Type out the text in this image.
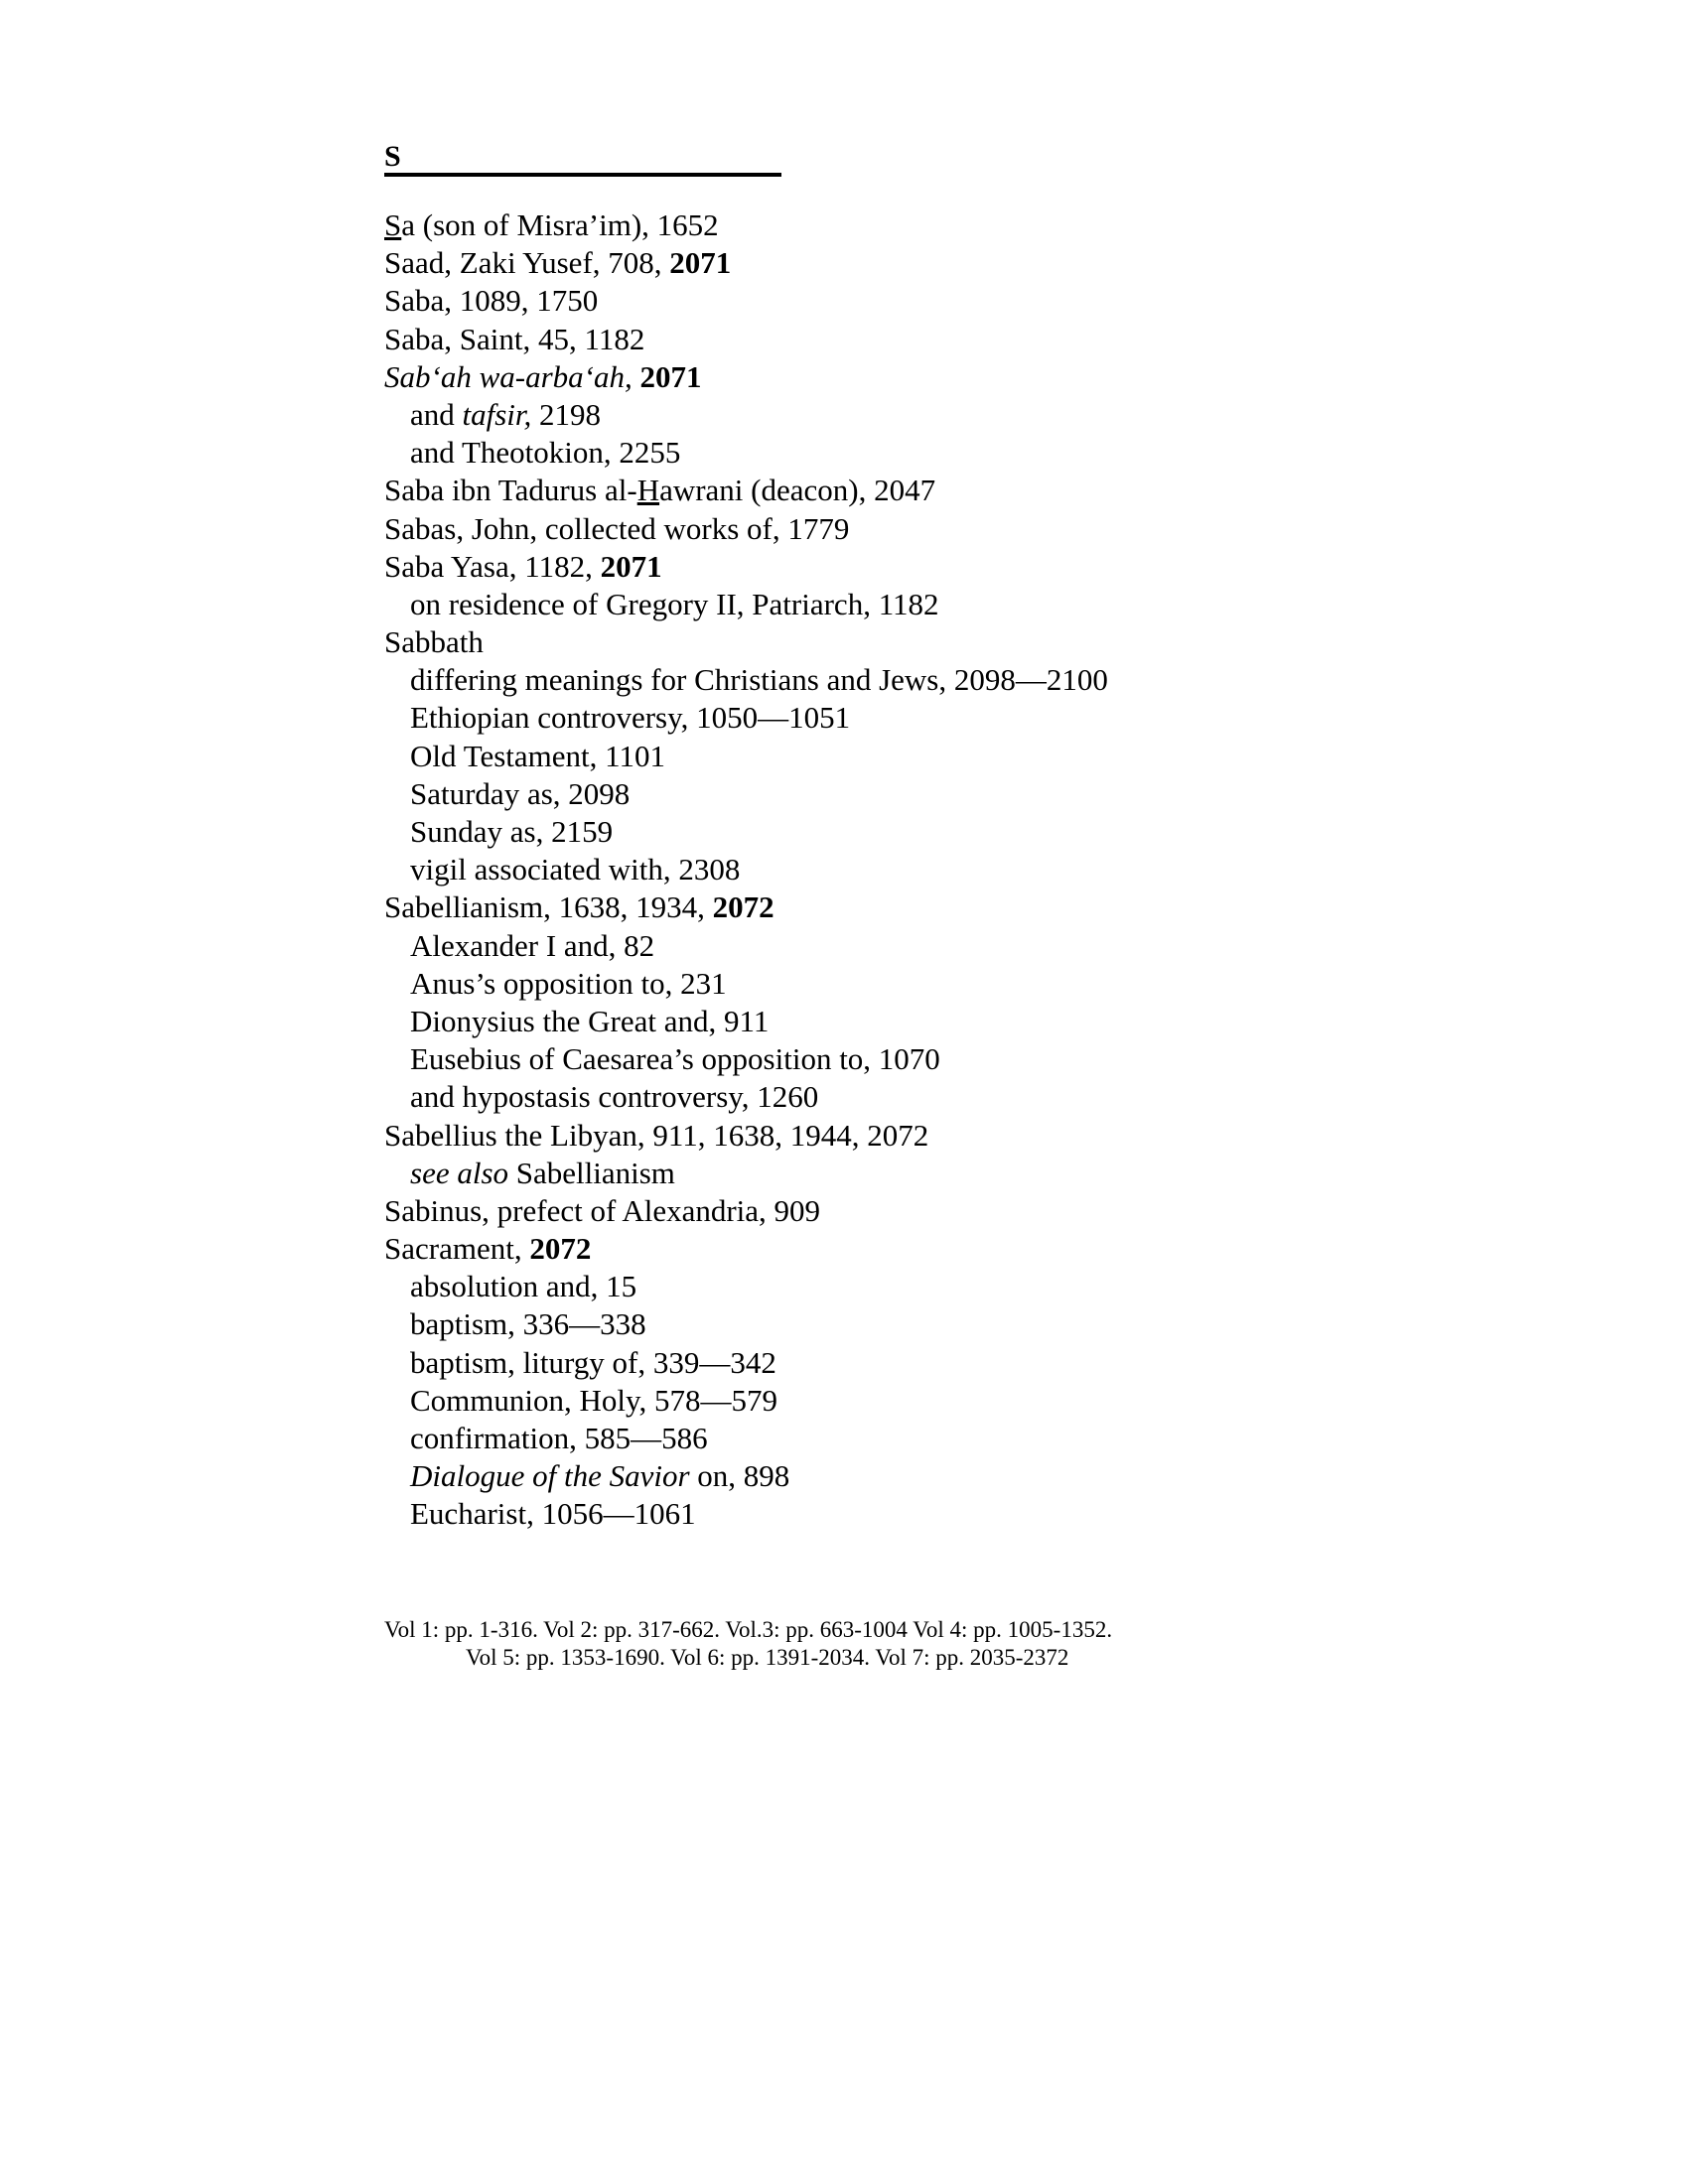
S
Sa (son of Misra’im), 1652
Saad, Zaki Yusef, 708, 2071
Saba, 1089, 1750
Saba, Saint, 45, 1182
Sab‘ah wa-arba‘ah, 2071
and tafsir, 2198
and Theotokion, 2255
Saba ibn Tadurus al-Hawrani (deacon), 2047
Sabas, John, collected works of, 1779
Saba Yasa, 1182, 2071
on residence of Gregory II, Patriarch, 1182
Sabbath
differing meanings for Christians and Jews, 2098—2100
Ethiopian controversy, 1050—1051
Old Testament, 1101
Saturday as, 2098
Sunday as, 2159
vigil associated with, 2308
Sabellianism, 1638, 1934, 2072
Alexander I and, 82
Anus’s opposition to, 231
Dionysius the Great and, 911
Eusebius of Caesarea’s opposition to, 1070
and hypostasis controversy, 1260
Sabellius the Libyan, 911, 1638, 1944, 2072
see also Sabellianism
Sabinus, prefect of Alexandria, 909
Sacrament, 2072
absolution and, 15
baptism, 336—338
baptism, liturgy of, 339—342
Communion, Holy, 578—579
confirmation, 585—586
Dialogue of the Savior on, 898
Eucharist, 1056—1061
Vol 1: pp. 1-316. Vol 2: pp. 317-662. Vol.3: pp. 663-1004 Vol 4: pp. 1005-1352.
Vol 5: pp. 1353-1690. Vol 6: pp. 1391-2034. Vol 7: pp. 2035-2372
